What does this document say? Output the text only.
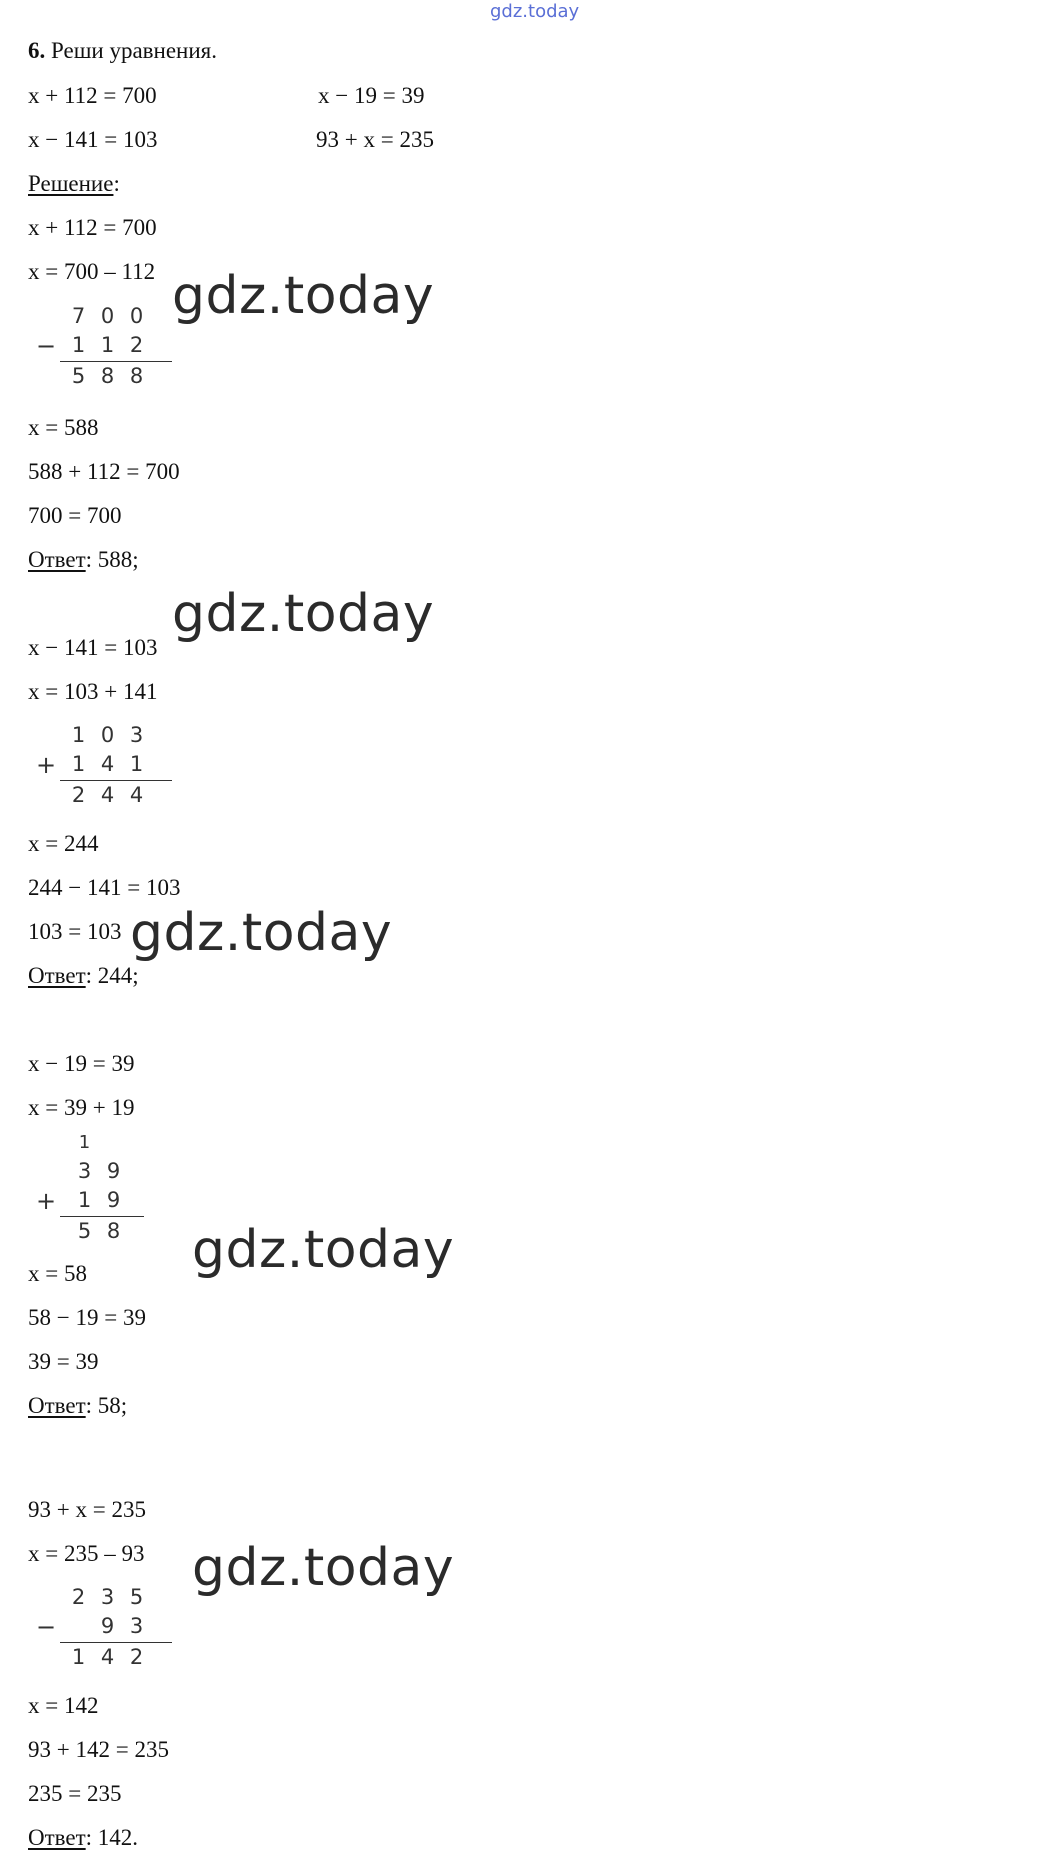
gdz.today
6. Реши уравнения.
x + 112 = 700	x − 19 = 39
x − 141 = 103	93 + x = 235
Решение:
x + 112 = 700
x = 700 – 112
−
7 0 0
1 1 2
5 8 8
x = 588
588 + 112 = 700
700 = 700
Ответ: 588;
x − 141 = 103
x = 103 + 141
+
1 0 3
1 4 1
2 4 4
x = 244
244 − 141 = 103
103 = 103
Ответ: 244;
x − 19 = 39
x = 39 + 19
1
+
3 9
1 9
5 8
x = 58
58 − 19 = 39
39 = 39
Ответ: 58;
93 + x = 235
x = 235 – 93
−
2 3 5
9 3
1 4 2
x = 142
93 + 142 = 235
235 = 235
Ответ: 142.
gdz.today
gdz.today
gdz.today
gdz.today
gdz.today
